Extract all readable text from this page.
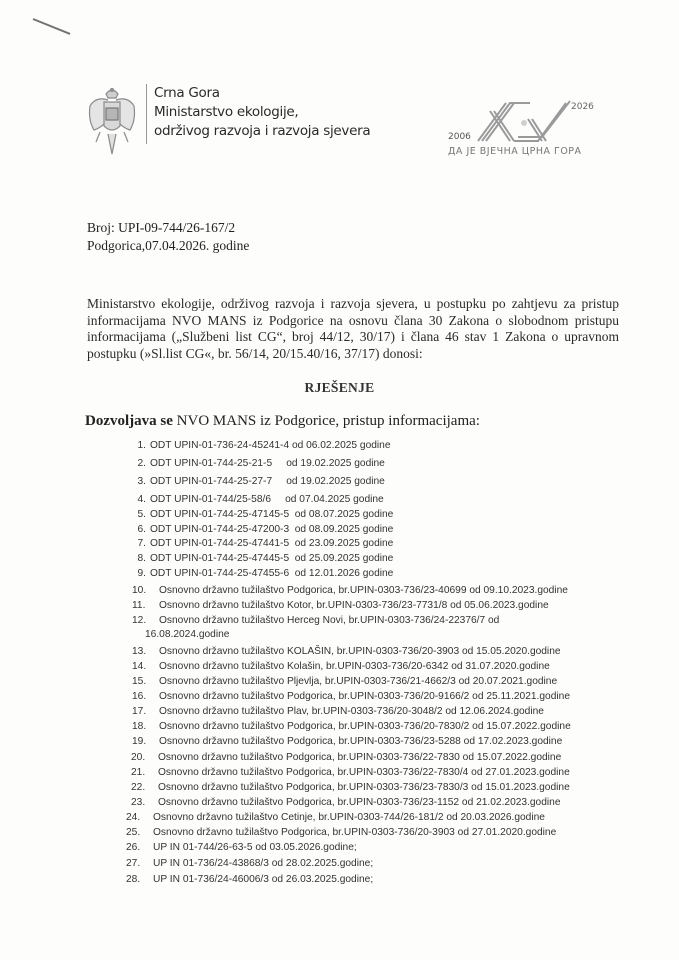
Crna Gora
Ministarstvo ekologije,
održivog razvoja i razvoja sjevera	2006
2026
ДА ЈЕ ВЈЕЧНА ЦРНА ГОРА
Broj: UPI-09-744/26-167/2
Podgorica,07.04.2026. godine
Ministarstvo ekologije, održivog razvoja i razvoja sjevera, u postupku po zahtjevu za pristup informacijama NVO MANS iz Podgorice na osnovu člana 30 Zakona o slobodnom pristupu informacijama („Službeni list CG“, broj 44/12, 30/17) i člana 46 stav 1 Zakona o upravnom postupku (»Sl.list CG«, br. 56/14, 20/15.40/16, 37/17) donosi:
RJEŠENJE
Dozvoljava se NVO MANS iz Podgorice, pristup informacijama:
1. ODT UPIN-01-736-24-45241-4 od 06.02.2025 godine
2. ODT UPIN-01-744-25-21-5     od 19.02.2025 godine
3. ODT UPIN-01-744-25-27-7     od 19.02.2025 godine
4. ODT UPIN-01-744/25-58/6     od 07.04.2025 godine
5. ODT UPIN-01-744-25-47145-5  od 08.07.2025 godine
6. ODT UPIN-01-744-25-47200-3  od 08.09.2025 godine
7. ODT UPIN-01-744-25-47441-5  od 23.09.2025 godine
8. ODT UPIN-01-744-25-47445-5  od 25.09.2025 godine
9. ODT UPIN-01-744-25-47455-6  od 12.01.2026 godine
10. Osnovno državno tužilaštvo Podgorica, br.UPIN-0303-736/23-40699 od 09.10.2023.godine
11. Osnovno državno tužilaštvo Kotor, br.UPIN-0303-736/23-7731/8 od 05.06.2023.godine
12. Osnovno državno tužilaštvo Herceg Novi, br.UPIN-0303-736/24-22376/7 od
16.08.2024.godine
13. Osnovno državno tužilaštvo KOLAŠIN, br.UPIN-0303-736/20-3903 od 15.05.2020.godine
14. Osnovno državno tužilaštvo Kolašin, br.UPIN-0303-736/20-6342 od 31.07.2020.godine
15. Osnovno državno tužilaštvo Pljevlja, br.UPIN-0303-736/21-4662/3 od 20.07.2021.godine
16. Osnovno državno tužilaštvo Podgorica, br.UPIN-0303-736/20-9166/2 od 25.11.2021.godine
17. Osnovno državno tužilaštvo Plav, br.UPIN-0303-736/20-3048/2 od 12.06.2024.godine
18. Osnovno državno tužilaštvo Podgorica, br.UPIN-0303-736/20-7830/2 od 15.07.2022.godine
19. Osnovno državno tužilaštvo Podgorica, br.UPIN-0303-736/23-5288 od 17.02.2023.godine
20. Osnovno državno tužilaštvo Podgorica, br.UPIN-0303-736/22-7830 od 15.07.2022.godine
21. Osnovno državno tužilaštvo Podgorica, br.UPIN-0303-736/22-7830/4 od 27.01.2023.godine
22. Osnovno državno tužilaštvo Podgorica, br.UPIN-0303-736/23-7830/3 od 15.01.2023.godine
23. Osnovno državno tužilaštvo Podgorica, br.UPIN-0303-736/23-1152 od 21.02.2023.godine
24. Osnovno državno tužilaštvo Cetinje, br.UPIN-0303-744/26-181/2 od 20.03.2026.godine
25. Osnovno državno tužilaštvo Podgorica, br.UPIN-0303-736/20-3903 od 27.01.2020.godine
26. UP IN 01-744/26-63-5 od 03.05.2026.godine;
27. UP IN 01-736/24-43868/3 od 28.02.2025.godine;
28. UP IN 01-736/24-46006/3 od 26.03.2025.godine;
